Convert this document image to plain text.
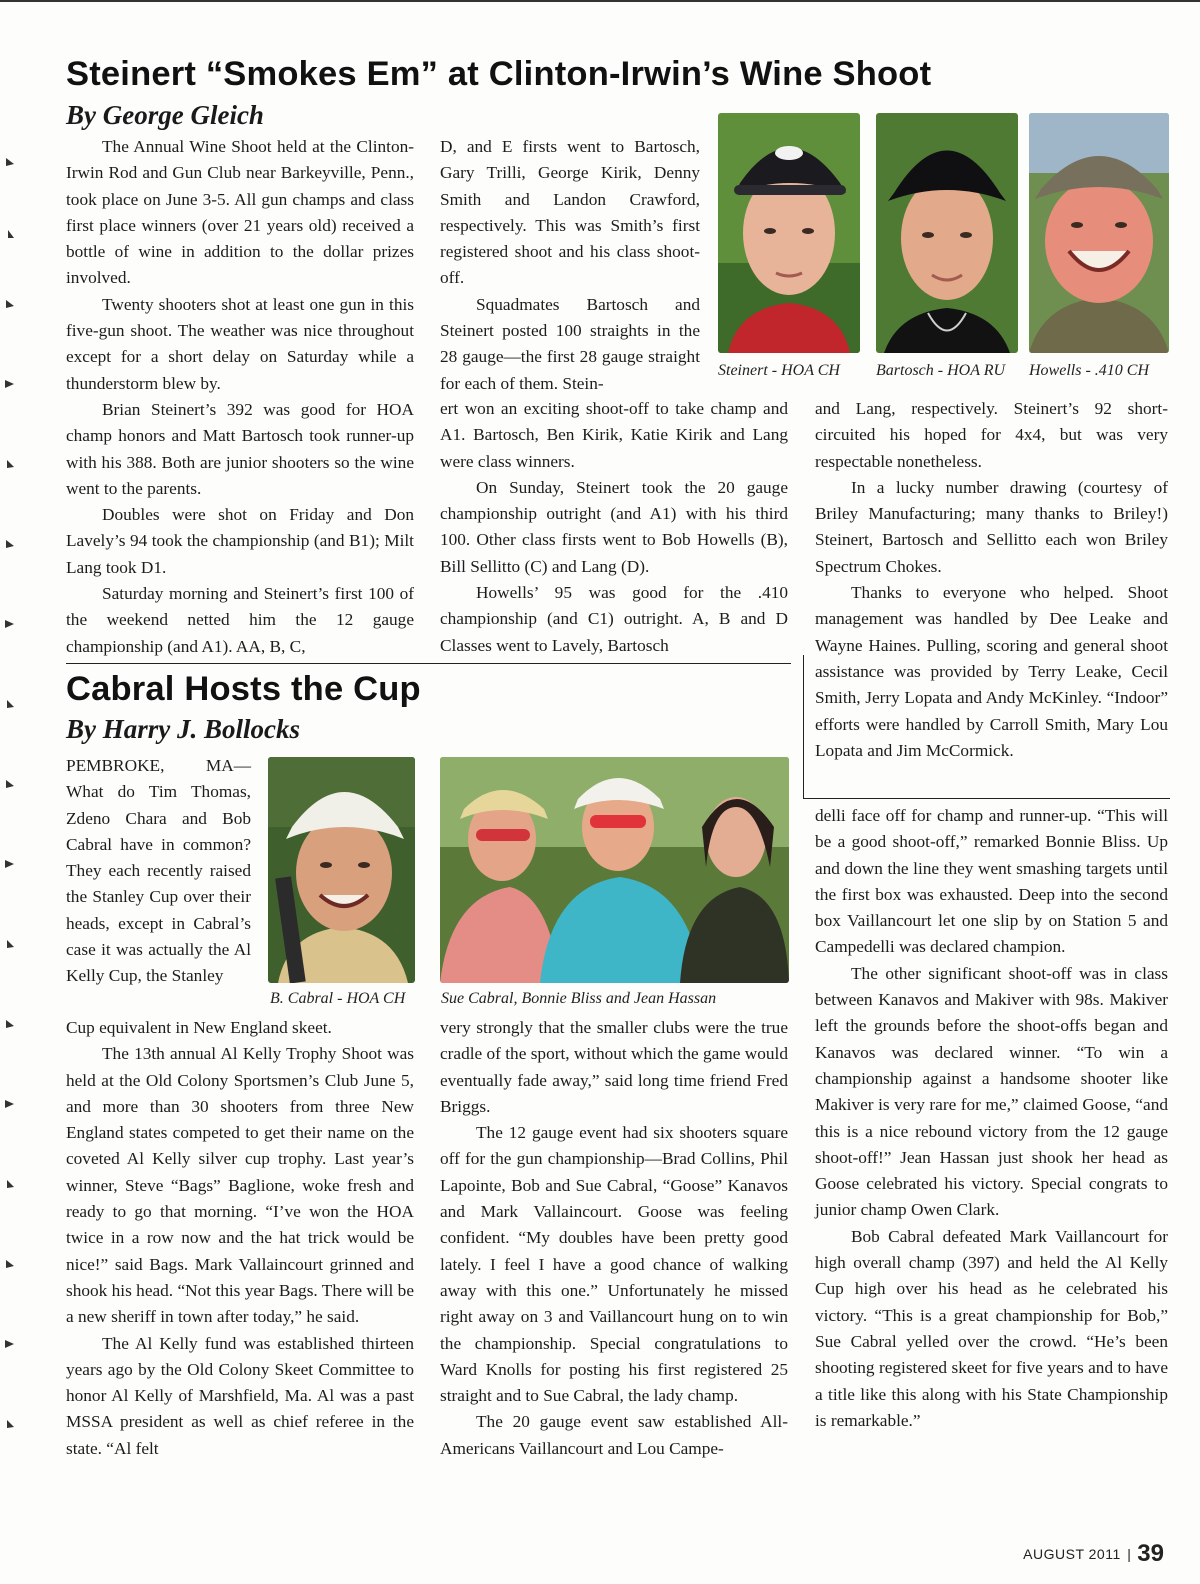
Steinert “Smokes Em” at Clinton-Irwin’s Wine Shoot
By George Gleich

The Annual Wine Shoot held at the Clinton-Irwin Rod and Gun Club near Barkeyville, Penn., took place on June 3-5. All gun champs and class first place winners (over 21 years old) received a bottle of wine in addition to the dollar prizes involved.

Twenty shooters shot at least one gun in this five-gun shoot. The weather was nice throughout except for a short delay on Saturday while a thunderstorm blew by.

Brian Steinert’s 392 was good for HOA champ honors and Matt Bartosch took runner-up with his 388. Both are junior shooters so the wine went to the parents.

Doubles were shot on Friday and Don Lavely’s 94 took the championship (and B1); Milt Lang took D1.

Saturday morning and Steinert’s first 100 of the weekend netted him the 12 gauge championship (and A1). AA, B, C,

D, and E firsts went to Bartosch, Gary Trilli, George Kirik, Denny Smith and Landon Crawford, respectively. This was Smith’s first registered shoot and his class shoot-off.

Squadmates Bartosch and Steinert posted 100 straights in the 28 gauge—the first 28 gauge straight for each of them. Stein-

ert won an exciting shoot-off to take champ and A1. Bartosch, Ben Kirik, Katie Kirik and Lang were class winners.

On Sunday, Steinert took the 20 gauge championship outright (and A1) with his third 100. Other class firsts went to Bob Howells (B), Bill Sellitto (C) and Lang (D).

Howells’ 95 was good for the .410 championship (and C1) outright. A, B and D Classes went to Lavely, Bartosch

and Lang, respectively. Steinert’s 92 short-circuited his hoped for 4x4, but was very respectable nonetheless.

In a lucky number drawing (courtesy of Briley Manufacturing; many thanks to Briley!) Steinert, Bartosch and Sellitto each won Briley Spectrum Chokes.

Thanks to everyone who helped. Shoot management was handled by Dee Leake and Wayne Haines. Pulling, scoring and general shoot assistance was provided by Terry Leake, Cecil Smith, Jerry Lopata and Andy McKinley. “Indoor” efforts were handled by Carroll Smith, Mary Lou Lopata and Jim McCormick.

Steinert - HOA CH Bartosch - HOA RU Howells - .410 CH
Cabral Hosts the Cup
By Harry J. Bollocks

PEMBROKE, MA— What do Tim Thomas, Zdeno Chara and Bob Cabral have in common? They each recently raised the Stanley Cup over their heads, except in Cabral’s case it was actually the Al Kelly Cup, the Stanley

B. Cabral - HOA CH

Cup equivalent in New England skeet.

The 13th annual Al Kelly Trophy Shoot was held at the Old Colony Sportsmen’s Club June 5, and more than 30 shooters from three New England states competed to get their name on the coveted Al Kelly silver cup trophy. Last year’s winner, Steve “Bags” Baglione, woke fresh and ready to go that morning. “I’ve won the HOA twice in a row now and the hat trick would be nice!” said Bags. Mark Vallaincourt grinned and shook his head. “Not this year Bags. There will be a new sheriff in town after today,” he said.

The Al Kelly fund was established thirteen years ago by the Old Colony Skeet Committee to honor Al Kelly of Marshfield, Ma. Al was a past MSSA president as well as chief referee in the state. “Al felt

Sue Cabral, Bonnie Bliss and Jean Hassan

very strongly that the smaller clubs were the true cradle of the sport, without which the game would eventually fade away,” said long time friend Fred Briggs.

The 12 gauge event had six shooters square off for the gun championship—Brad Collins, Phil Lapointe, Bob and Sue Cabral, “Goose” Kanavos and Mark Vallaincourt. Goose was feeling confident. “My doubles have been pretty good lately. I feel I have a good chance of walking away with this one.” Unfortunately he missed right away on 3 and Vaillancourt hung on to win the championship. Special congratulations to Ward Knolls for posting his first registered 25 straight and to Sue Cabral, the lady champ.

The 20 gauge event saw established All-Americans Vaillancourt and Lou Campe-

delli face off for champ and runner-up. “This will be a good shoot-off,” remarked Bonnie Bliss. Up and down the line they went smashing targets until the first box was exhausted. Deep into the second box Vaillancourt let one slip by on Station 5 and Campedelli was declared champion.

The other significant shoot-off was in class between Kanavos and Makiver with 98s. Makiver left the grounds before the shoot-offs began and Kanavos was declared winner. “To win a championship against a handsome shooter like Makiver is very rare for me,” claimed Goose, “and this is a nice rebound victory from the 12 gauge shoot-off!” Jean Hassan just shook her head as Goose celebrated his victory. Special congrats to junior champ Owen Clark.

Bob Cabral defeated Mark Vaillancourt for high overall champ (397) and held the Al Kelly Cup high over his head as he celebrated his victory. “This is a great championship for Bob,” Sue Cabral yelled over the crowd. “He’s been shooting registered skeet for five years and to have a title like this along with his State Championship is remarkable.”

AUGUST 2011 | 39
